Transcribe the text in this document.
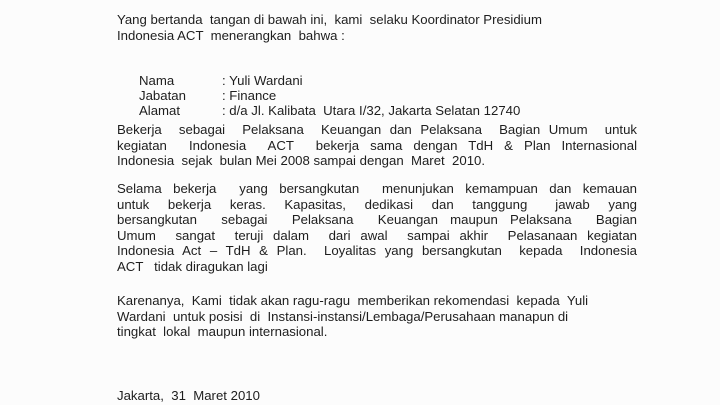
Yang bertanda  tangan di bawah ini,  kami  selaku Koordinator Presidium
Indonesia ACT  menerangkan  bahwa :

Nama	: Yuli Wardani

Jabatan	: Finance

Alamat	: d/a Jl. Kalibata  Utara I/32, Jakarta Selatan 12740

Bekerja  sebagai  Pelaksana  Keuangan dan Pelaksana  Bagian Umum  untuk
kegiatan  Indonesia  ACT  bekerja sama dengan TdH & Plan Internasional
Indonesia  sejak  bulan Mei 2008 sampai dengan  Maret  2010.
Selama bekerja  yang bersangkutan  menunjukan kemampuan dan kemauan
untuk  bekerja  keras.  Kapasitas,  dedikasi  dan  tanggung   jawab  yang
bersangkutan  sebagai  Pelaksana  Keuangan maupun Pelaksana  Bagian
Umum  sangat  teruji dalam  dari awal  sampai akhir  Pelasanaan kegiatan
Indonesia Act – TdH & Plan.  Loyalitas yang bersangkutan  kepada  Indonesia
ACT   tidak diragukan lagi
Karenanya,  Kami  tidak akan ragu-ragu  memberikan rekomendasi  kepada  Yuli
Wardani  untuk posisi  di  Instansi-instansi/Lembaga/Perusahaan manapun di
tingkat  lokal  maupun internasional.
Jakarta,  31  Maret 2010
